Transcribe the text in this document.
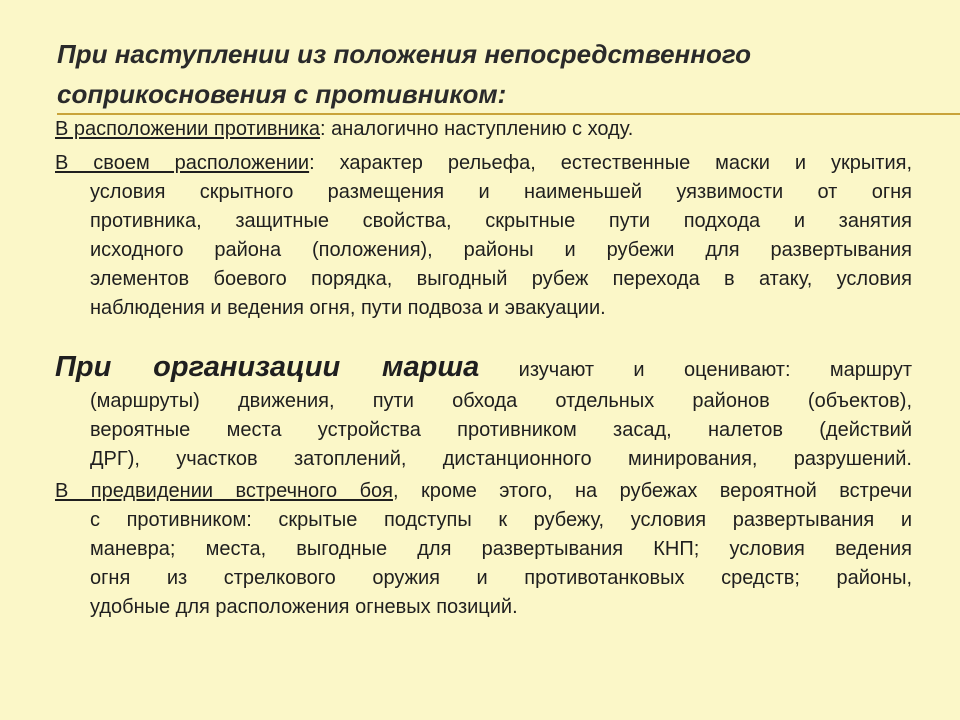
При наступлении из положения непосредственного
соприкосновения с противником:

В расположении противника: аналогично наступлению с ходу.

В своем расположении: характер рельефа, естественные маски и укрытия,
условия скрытного размещения и наименьшей уязвимости от огня
противника, защитные свойства, скрытные пути подхода и занятия
исходного района (положения), районы и рубежи для развертывания
элементов боевого порядка, выгодный рубеж перехода в атаку, условия
наблюдения и ведения огня, пути подвоза и эвакуации.

При организации марша изучают и оценивают: маршрут
(маршруты) движения, пути обхода отдельных районов (объектов),
вероятные места устройства противником засад, налетов (действий
ДРГ), участков затоплений, дистанционного минирования, разрушений.

В предвидении встречного боя, кроме этого, на рубежах вероятной встречи
с противником: скрытые подступы к рубежу, условия развертывания и
маневра; места, выгодные для развертывания КНП; условия ведения
огня из стрелкового оружия и противотанковых средств; районы,
удобные для расположения огневых позиций.
